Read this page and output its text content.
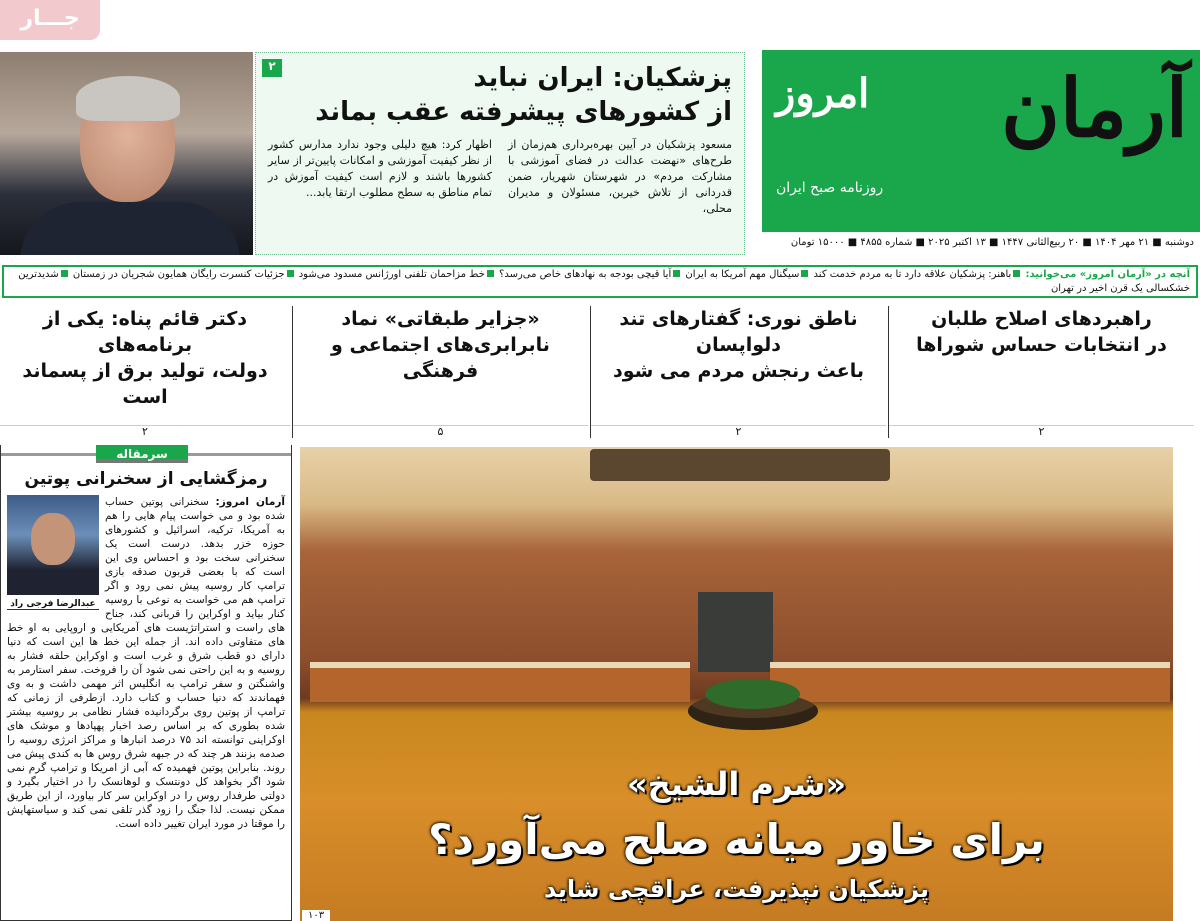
جـــار
آرمان
امروز
روزنامه صبح ایران
دوشنبه ■ ۲۱ مهر ۱۴۰۴ ■ ۲۰ ربیع‌الثانی ۱۴۴۷ ■ ۱۳ اکتبر ۲۰۲۵ ■ شماره ۴۸۵۵ ■ ۱۵۰۰۰ تومان
پزشکیان: ایران نباید
از کشورهای پیشرفته عقب بماند

مسعود پزشکیان در آیین بهره‌برداری هم‌زمان از طرح‌های «نهضت عدالت در فضای آموزشی با مشارکت مردم» در شهرستان شهریار، ضمن قدردانی از تلاش خیرین، مسئولان و مدیران محلی،

اظهار کرد: هیچ دلیلی وجود ندارد مدارس کشور از نظر کیفیت آموزشی و امکانات پایین‌تر از سایر کشورها باشند و لازم است کیفیت آموزش در تمام مناطق به سطح مطلوب ارتقا یابد...

۲
آنچه در «آرمان امروز» می‌خوانید: باهنر: پزشکیان علاقه دارد تا به مردم خدمت کند سیگنال مهم آمریکا به ایران آیا قیچی بودجه به نهادهای خاص می‌رسد؟ خط مزاحمان تلفنی اورژانس مسدود می‌شود جزئیات کنسرت رایگان همایون شجریان در زمستان شدیدترین خشکسالی یک قرن اخیر در تهران
راهبردهای اصلاح طلبان
در انتخابات حساس شوراها
۲
ناطق نوری: گفتارهای تند دلواپسان
باعث رنجش مردم می شود
۲
«جزایر طبقاتی» نماد
نابرابری‌های اجتماعی و فرهنگی
۵
دکتر قائم پناه: یکی از برنامه‌های
دولت، تولید برق از پسماند است
۲
سرمقاله
رمزگشایی از سخنرانی پوتین
عبدالرضا فرجی راد
آرمان امروز: سخنرانی پوتین حساب شده بود و می خواست پیام هایی را هم به آمریکا، ترکیه، اسرائیل و کشورهای حوزه خزر بدهد. درست است یک سخنرانی سخت بود و احساس وی این است که با بعضی قربون صدقه بازی ترامپ کار روسیه پیش نمی رود و اگر ترامپ هم می خواست به نوعی با روسیه کنار بیاید و اوکراین را قربانی کند، جناح های راست و استراتژیست های آمریکایی و اروپایی به او خط های متفاوتی داده اند. از جمله این خط ها این است که دنیا دارای دو قطب شرق و غرب است و اوکراین حلقه فشار به روسیه و به این راحتی نمی شود آن را فروخت. سفر استارمر به واشنگتن و سفر ترامپ به انگلیس اثر مهمی داشت و به وی فهماندند که دنیا حساب و کتاب دارد. ازطرفی از زمانی که ترامپ از پوتین روی برگردانیده فشار نظامی بر روسیه بیشتر شده بطوری که بر اساس رصد اخبار پهپادها و موشک های اوکراینی توانسته اند ۷۵ درصد انبارها و مراکز انرژی روسیه را صدمه بزنند هر چند که در جبهه شرق روس ها به کندی پیش می روند. بنابراین پوتین فهمیده که آبی از امریکا و ترامپ گرم نمی شود اگر بخواهد کل دونتسک و لوهانسک را در اختیار بگیرد و دولتی طرفدار روس را در اوکراین سر کار بیاورد، از این طریق ممکن نیست. لذا جنگ را زود گذر تلقی نمی کند و سیاستهایش را موقتا در مورد ایران تغییر داده است.
«شرم الشیخ»
برای خاور میانه صلح می‌آورد؟
پزشکیان نپذیرفت، عراقچی شاید
۱۰۳
